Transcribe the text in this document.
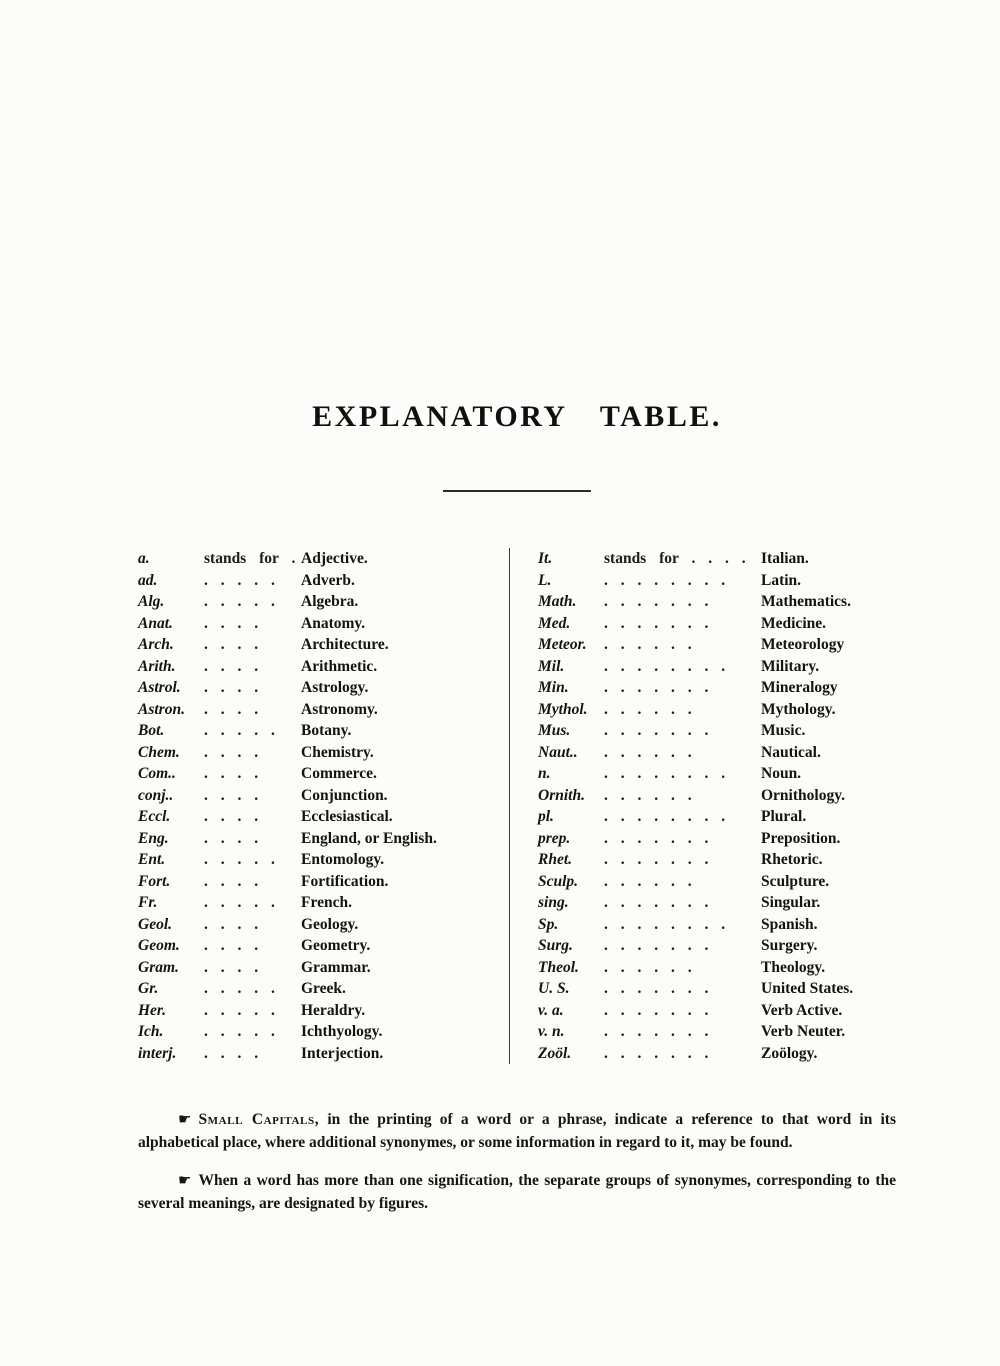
EXPLANATORY TABLE.
a.	stands for . Adjective.
ad.	. . . . .	Adverb.
Alg.	. . . . .	Algebra.
Anat.	. . . .	Anatomy.
Arch.	. . . .	Architecture.
Arith.	. . . .	Arithmetic.
Astrol.	. . . .	Astrology.
Astron.	. . . .	Astronomy.
Bot.	. . . . .	Botany.
Chem.	. . . .	Chemistry.
Com..	. . . .	Commerce.
conj..	. . . .	Conjunction.
Eccl.	. . . .	Ecclesiastical.
Eng.	. . . .	England, or English.
Ent.	. . . . .	Entomology.
Fort.	. . . .	Fortification.
Fr.	. . . . .	French.
Geol.	. . . .	Geology.
Geom.	. . . .	Geometry.
Gram.	. . . .	Grammar.
Gr.	. . . . .	Greek.
Her.	. . . . .	Heraldry.
Ich.	. . . . .	Ichthyology.
interj.	. . . .	Interjection.
It.	stands for . . . . Italian.
L.	. . . . . . . .	Latin.
Math.	. . . . . . .	Mathematics.
Med.	. . . . . . .	Medicine.
Meteor.	. . . . . .	Meteorology
Mil.	. . . . . . . .	Military.
Min.	. . . . . . .	Mineralogy
Mythol.	. . . . . .	Mythology.
Mus.	. . . . . . .	Music.
Naut..	. . . . . .	Nautical.
n.	. . . . . . . .	Noun.
Ornith.	. . . . . .	Ornithology.
pl.	. . . . . . . .	Plural.
prep.	. . . . . . .	Preposition.
Rhet.	. . . . . . .	Rhetoric.
Sculp.	. . . . . .	Sculpture.
sing.	. . . . . . .	Singular.
Sp.	. . . . . . . .	Spanish.
Surg.	. . . . . . .	Surgery.
Theol.	. . . . . .	Theology.
U. S.	. . . . . . .	United States.
v. a.	. . . . . . .	Verb Active.
v. n.	. . . . . . .	Verb Neuter.
Zoöl.	. . . . . . .	Zoölogy.

☛ Small Capitals, in the printing of a word or a phrase, indicate a reference to that word in its alphabetical place, where additional synonymes, or some information in regard to it, may be found.

☛ When a word has more than one signification, the separate groups of synonymes, corresponding to the several meanings, are designated by figures.
